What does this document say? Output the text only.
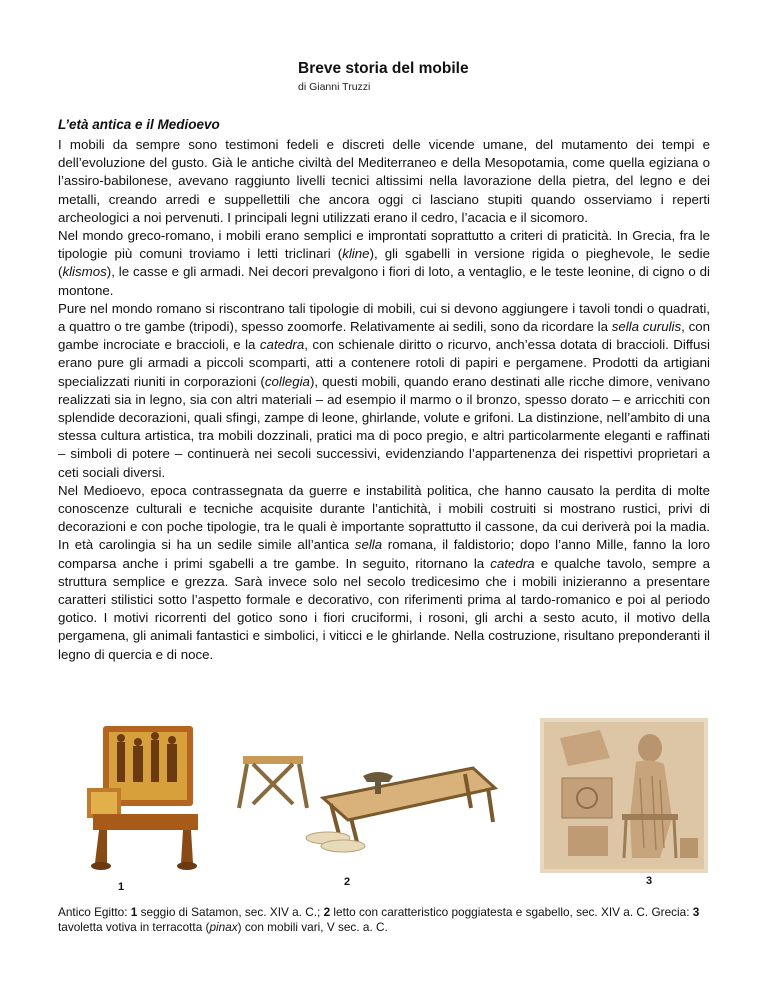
Breve storia del mobile
di Gianni Truzzi
L’età antica e il Medioevo

I mobili da sempre sono testimoni fedeli e discreti delle vicende umane, del mutamento dei tempi e dell’evoluzione del gusto. Già le antiche civiltà del Mediterraneo e della Mesopotamia, come quella egiziana o l’assiro-babilonese, avevano raggiunto livelli tecnici altissimi nella lavorazione della pietra, del legno e dei metalli, creando arredi e suppellettili che ancora oggi ci lasciano stupiti quando osserviamo i reperti archeologici a noi pervenuti. I principali legni utilizzati erano il cedro, l’acacia e il sicomoro.

Nel mondo greco-romano, i mobili erano semplici e improntati soprattutto a criteri di praticità. In Grecia, fra le tipologie più comuni troviamo i letti triclinari (kline), gli sgabelli in versione rigida o pieghevole, le sedie (klismos), le casse e gli armadi. Nei decori prevalgono i fiori di loto, a ventaglio, e le teste leonine, di cigno o di montone.

Pure nel mondo romano si riscontrano tali tipologie di mobili, cui si devono aggiungere i tavoli tondi o quadrati, a quattro o tre gambe (tripodi), spesso zoomorfe. Relativamente ai sedili, sono da ricordare la sella curulis, con gambe incrociate e braccioli, e la catedra, con schienale diritto o ricurvo, anch’essa dotata di braccioli. Diffusi erano pure gli armadi a piccoli scomparti, atti a contenere rotoli di papiri e pergamene. Prodotti da artigiani specializzati riuniti in corporazioni (collegia), questi mobili, quando erano destinati alle ricche dimore, venivano realizzati sia in legno, sia con altri materiali – ad esempio il marmo o il bronzo, spesso dorato – e arricchiti con splendide decorazioni, quali sfingi, zampe di leone, ghirlande, volute e grifoni. La distinzione, nell’ambito di una stessa cultura artistica, tra mobili dozzinali, pratici ma di poco pregio, e altri particolarmente eleganti e raffinati – simboli di potere – continuerà nei secoli successivi, evidenziando l’appartenenza dei rispettivi proprietari a ceti sociali diversi.

Nel Medioevo, epoca contrassegnata da guerre e instabilità politica, che hanno causato la perdita di molte conoscenze culturali e tecniche acquisite durante l’antichità, i mobili costruiti si mostrano rustici, privi di decorazioni e con poche tipologie, tra le quali è importante soprattutto il cassone, da cui deriverà poi la madia. In età carolingia si ha un sedile simile all’antica sella romana, il faldistorio; dopo l’anno Mille, fanno la loro comparsa anche i primi sgabelli a tre gambe. In seguito, ritornano la catedra e qualche tavolo, sempre a struttura semplice e grezza. Sarà invece solo nel secolo tredicesimo che i mobili inizieranno a presentare caratteri stilistici sotto l’aspetto formale e decorativo, con riferimenti prima al tardo-romanico e poi al periodo gotico. I motivi ricorrenti del gotico sono i fiori cruciformi, i rosoni, gli archi a sesto acuto, il motivo della pergamena, gli animali fantastici e simbolici, i viticci e le ghirlande. Nella costruzione, risultano preponderanti il legno di quercia e di noce.

1	2	3
Antico Egitto: 1 seggio di Satamon, sec. XIV a. C.; 2 letto con caratteristico poggiatesta e sgabello, sec. XIV a. C. Grecia: 3 tavoletta votiva in terracotta (pinax) con mobili vari, V sec. a. C.
